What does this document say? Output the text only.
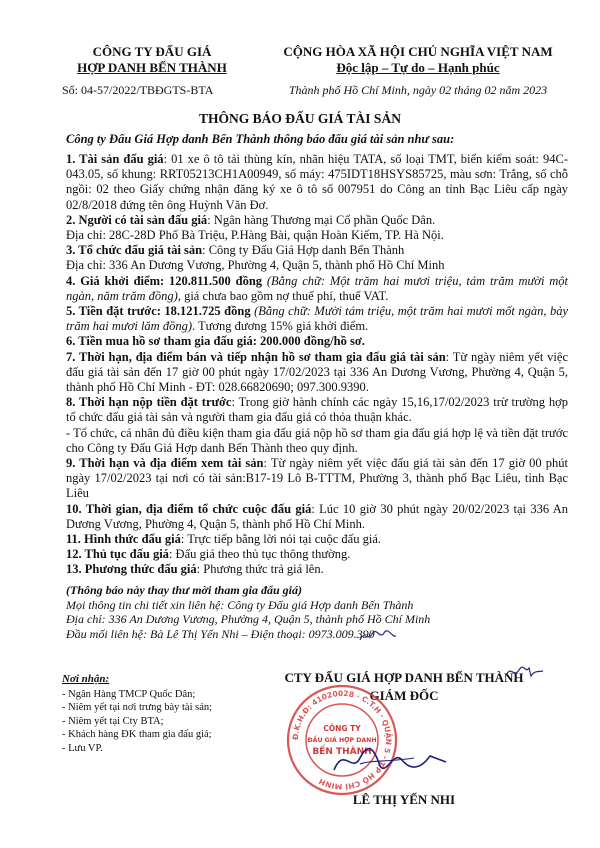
CÔNG TY ĐẤU GIÁ
HỢP DANH BẾN THÀNH
Số: 04-57/2022/TBĐGTS-BTA
CỘNG HÒA XÃ HỘI CHỦ NGHĨA VIỆT NAM
Độc lập – Tự do – Hạnh phúc
Thành phố Hồ Chí Minh, ngày 02 tháng 02 năm 2023
THÔNG BÁO ĐẤU GIÁ TÀI SẢN
Công ty Đấu Giá Hợp danh Bến Thành thông báo đấu giá tài sản như sau:

1. Tài sản đấu giá: 01 xe ô tô tải thùng kín, nhãn hiệu TATA, số loại TMT, biển kiểm soát: 94C-043.05, số khung: RRT05213CH1A00949, số máy: 475IDT18HSYS85725, màu sơn: Trắng, số chỗ ngồi: 02 theo Giấy chứng nhận đăng ký xe ô tô số 007951 do Công an tỉnh Bạc Liêu cấp ngày 02/8/2018 đứng tên ông Huỳnh Văn Đơ.

2. Người có tài sản đấu giá: Ngân hàng Thương mại Cổ phần Quốc Dân.

Địa chỉ: 28C-28D Phố Bà Triệu, P.Hàng Bài, quận Hoàn Kiếm, TP. Hà Nội.

3. Tổ chức đấu giá tài sản: Công ty Đấu Giá Hợp danh Bến Thành

Địa chỉ: 336 An Dương Vương, Phường 4, Quận 5, thành phố Hồ Chí Minh

4. Giá khởi điểm: 120.811.500 đồng (Bằng chữ: Một trăm hai mươi triệu, tám trăm mười một ngàn, năm trăm đồng), giá chưa bao gồm nợ thuế phí, thuế VAT.

5. Tiền đặt trước: 18.121.725 đồng (Bằng chữ: Mười tám triệu, một trăm hai mươi mốt ngàn, bảy trăm hai mươi lăm đồng). Tương đương 15% giá khởi điểm.

6. Tiền mua hồ sơ tham gia đấu giá: 200.000 đồng/hồ sơ.

7. Thời hạn, địa điểm bán và tiếp nhận hồ sơ tham gia đấu giá tài sản: Từ ngày niêm yết việc đấu giá tài sản đến 17 giờ 00 phút ngày 17/02/2023 tại 336 An Dương Vương, Phường 4, Quận 5, thành phố Hồ Chí Minh - ĐT: 028.66820690; 097.300.9390.

8. Thời hạn nộp tiền đặt trước: Trong giờ hành chính các ngày 15,16,17/02/2023 trừ trường hợp tổ chức đấu giá tài sản và người tham gia đấu giá có thỏa thuận khác.

- Tổ chức, cá nhân đủ điều kiện tham gia đấu giá nộp hồ sơ tham gia đấu giá hợp lệ và tiền đặt trước cho Công ty Đấu Giá Hợp danh Bến Thành theo quy định.

9. Thời hạn và địa điểm xem tài sản: Từ ngày niêm yết việc đấu giá tài sản đến 17 giờ 00 phút ngày 17/02/2023 tại nơi có tài sản:B17-19 Lô B-TTTM, Phường 3, thành phố Bạc Liêu, tỉnh Bạc Liêu

10. Thời gian, địa điểm tổ chức cuộc đấu giá: Lúc 10 giờ 30 phút ngày 20/02/2023 tại 336 An Dương Vương, Phường 4, Quận 5, thành phố Hồ Chí Minh.

11. Hình thức đấu giá: Trực tiếp bằng lời nói tại cuộc đấu giá.

12. Thủ tục đấu giá: Đấu giá theo thủ tục thông thường.

13. Phương thức đấu giá: Phương thức trả giá lên.

(Thông báo này thay thư mời tham gia đấu giá)
Mọi thông tin chi tiết xin liên hệ: Công ty Đấu giá Hợp danh Bến Thành
Địa chỉ: 336 An Dương Vương, Phường 4, Quận 5, thành phố Hồ Chí Minh
Đầu mối liên hệ: Bà Lê Thị Yến Nhi – Điện thoại: 0973.009.390
Nơi nhận:
- Ngân Hàng TMCP Quốc Dân;
- Niêm yết tại nơi trưng bày tài sản;
- Niêm yết tại Cty BTA;
- Khách hàng ĐK tham gia đấu giá;
- Lưu VP.
CTY ĐẤU GIÁ HỢP DANH BẾN THÀNH
GIÁM ĐỐC
Đ.K.H.Đ: 41020028 · C.T.H · QUẬN 5 - T.P HỒ CHÍ MINH
CÔNG TY
ĐẤU GIÁ HỢP DANH
BẾN THÀNH
LÊ THỊ YẾN NHI
